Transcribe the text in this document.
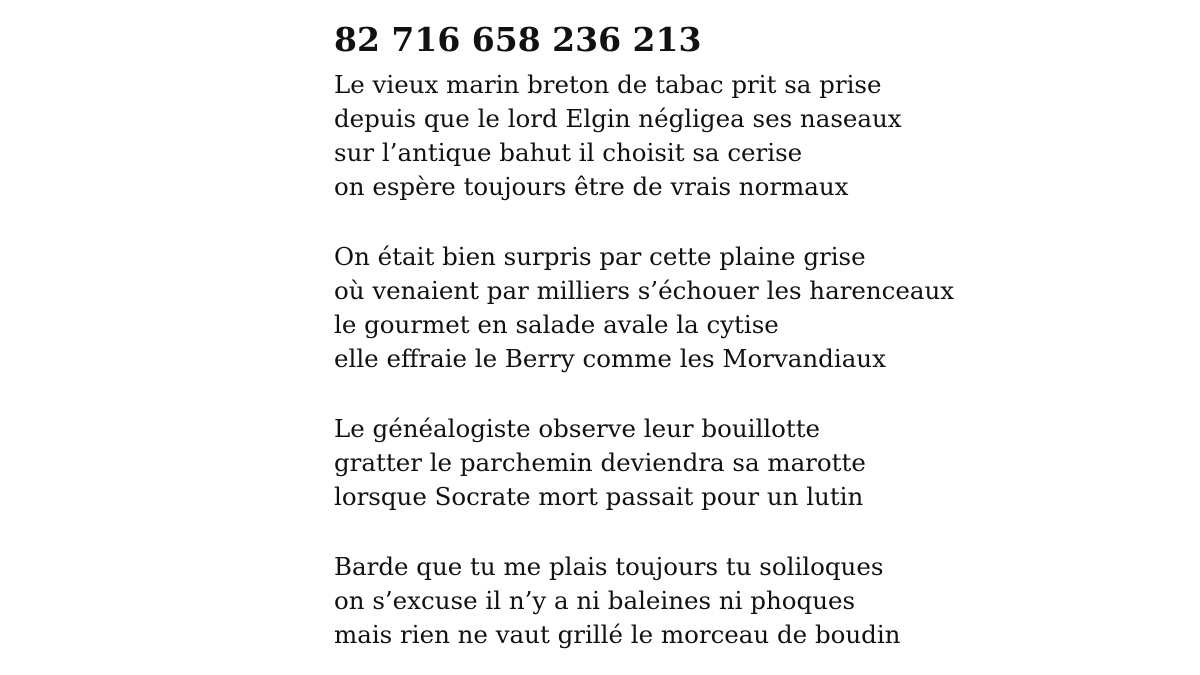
82 716 658 236 213
Le vieux marin breton de tabac prit sa prise
depuis que le lord Elgin négligea ses naseaux
sur l’antique bahut il choisit sa cerise
on espère toujours être de vrais normaux
On était bien surpris par cette plaine grise
où venaient par milliers s’échouer les harenceaux
le gourmet en salade avale la cytise
elle effraie le Berry comme les Morvandiaux
Le généalogiste observe leur bouillotte
gratter le parchemin deviendra sa marotte
lorsque Socrate mort passait pour un lutin
Barde que tu me plais toujours tu soliloques
on s’excuse il n’y a ni baleines ni phoques
mais rien ne vaut grillé le morceau de boudin
